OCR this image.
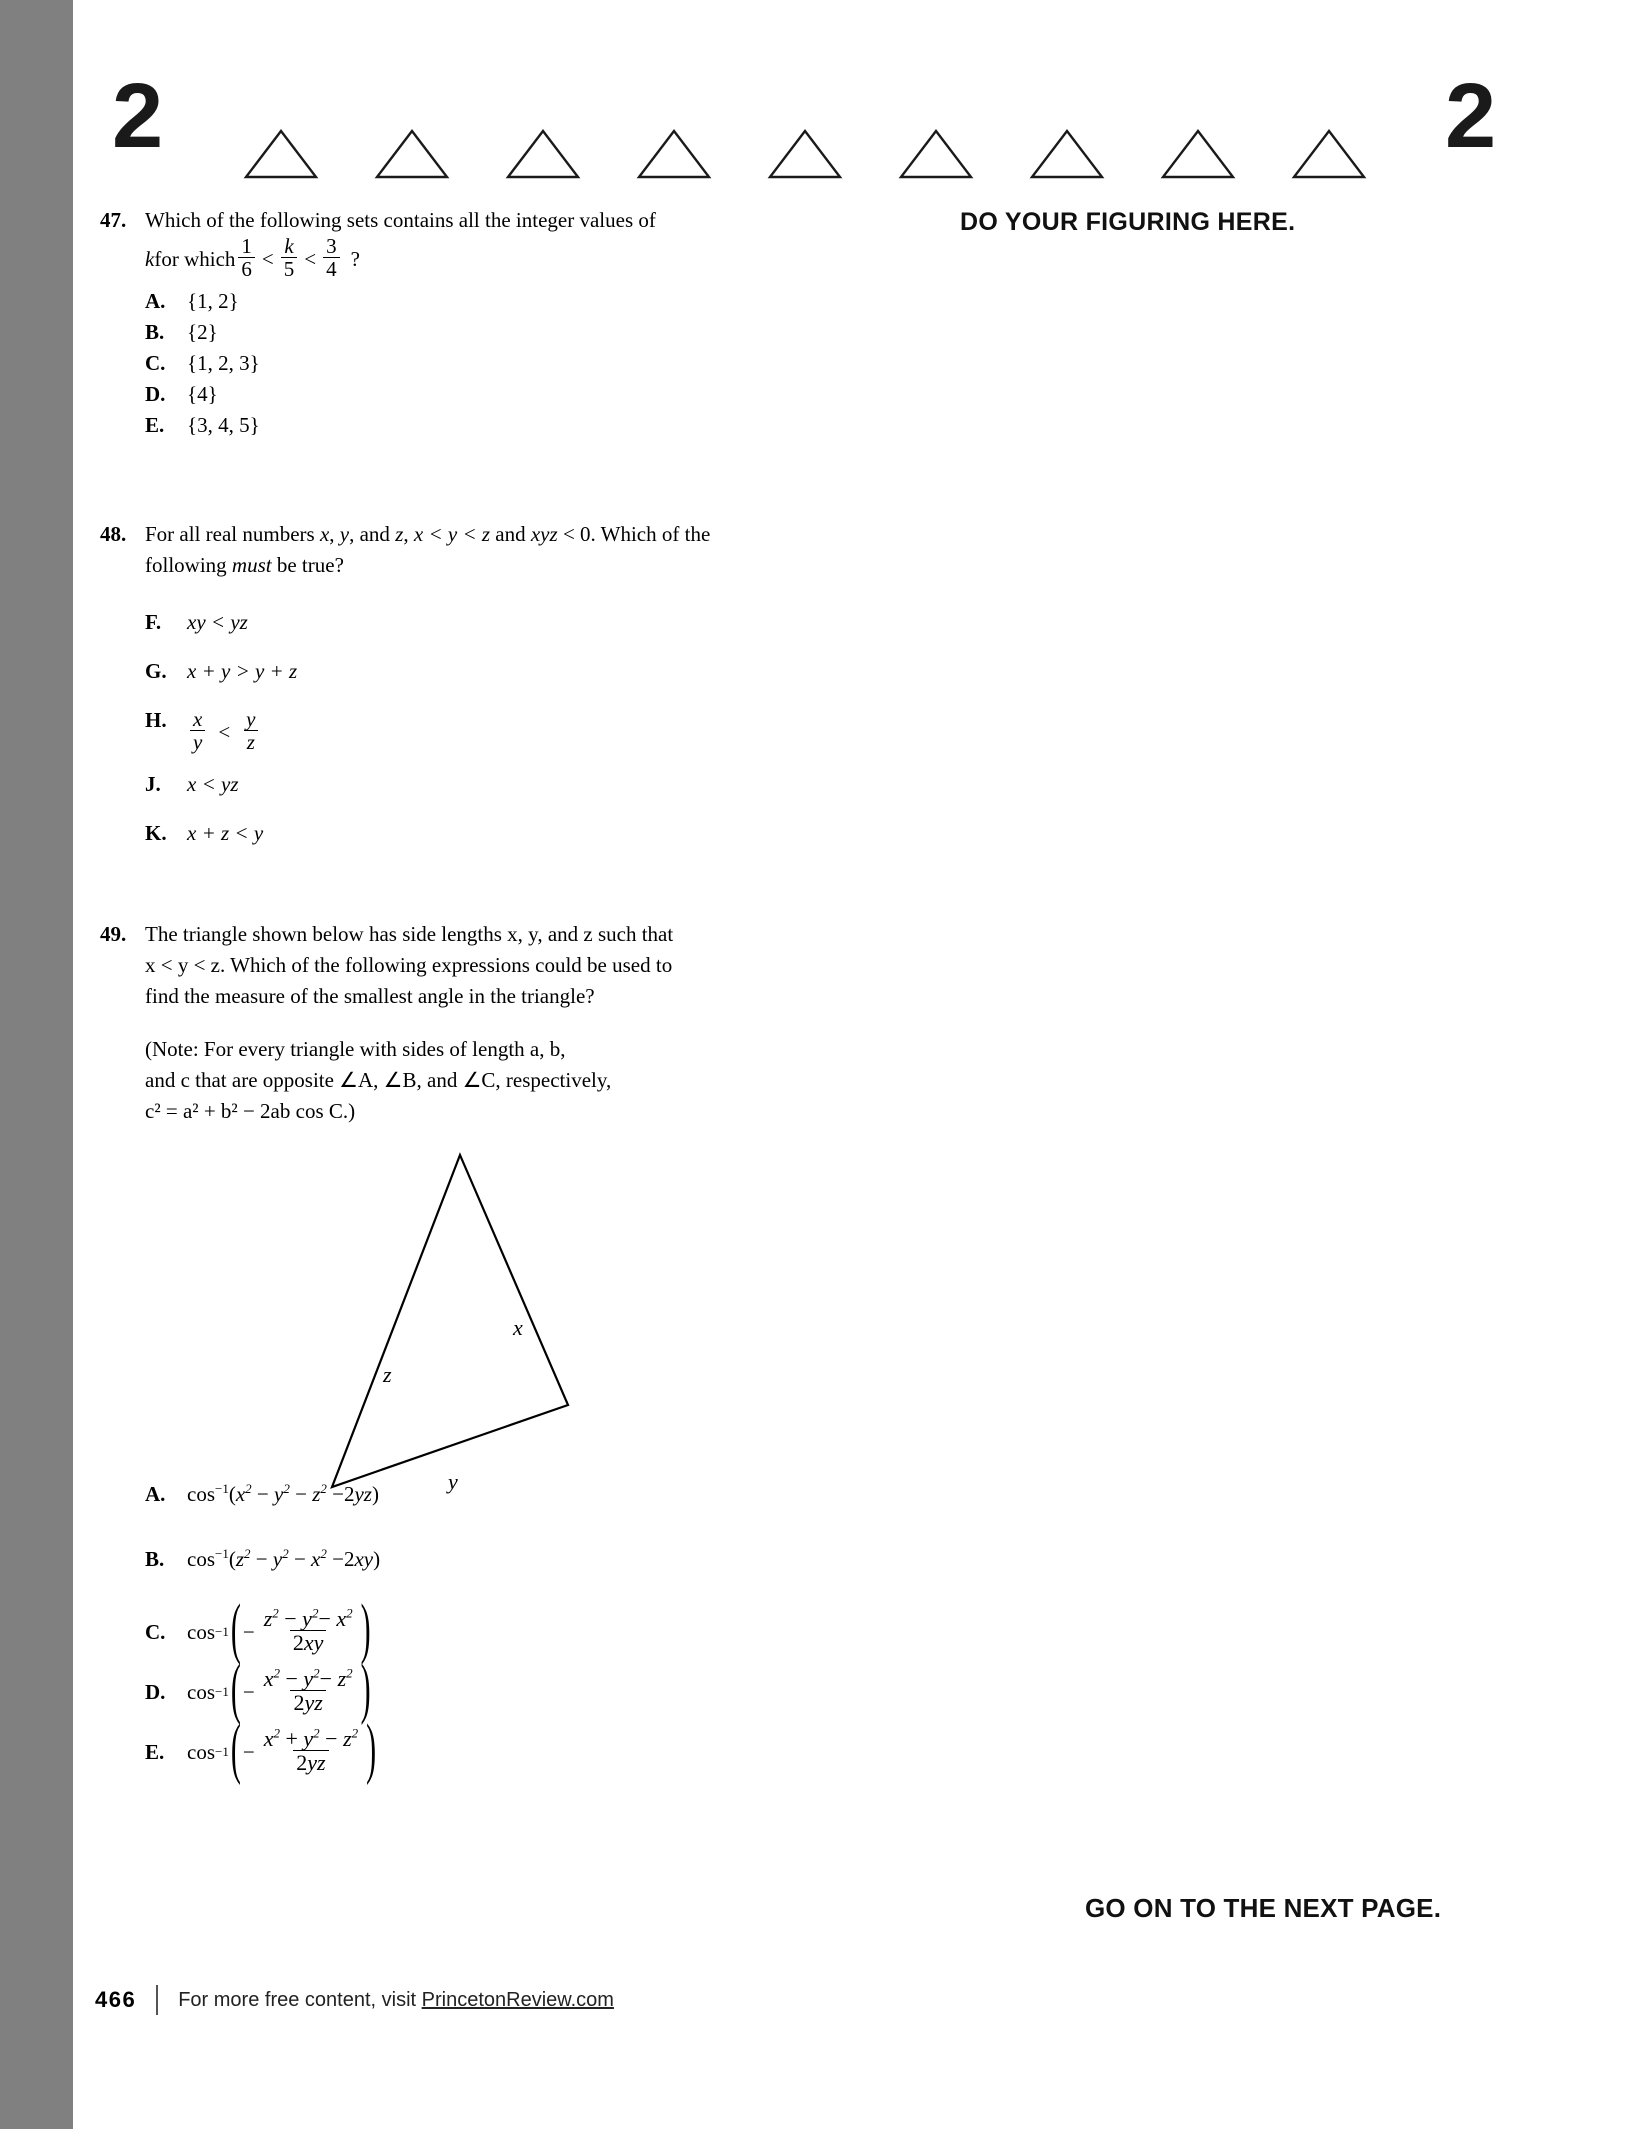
2	2
DO YOUR FIGURING HERE.
47. Which of the following sets contains all the integer values of

k for which $\frac{1}{6} < \frac{k}{5} < \frac{3}{4}$ ?
A.	{1, 2}
B.	{2}
C.	{1, 2, 3}
D.	{4}
E.	{3, 4, 5}
48. For all real numbers x, y, and z, x < y < z and xyz < 0. Which of the following must be true?
F.	xy < yz
G. x + y > y + z
H.	$\frac{x}{y} < \frac{y}{z}$
J.	x < yz
K. x + z < y
49. The triangle shown below has side lengths x, y, and z such that
x < y < z. Which of the following expressions could be used to
find the measure of the smallest angle in the triangle?
(Note: For every triangle with sides of length a, b,
and c that are opposite ∠A, ∠B, and ∠C, respectively,
c² = a² + b² − 2ab cos C.)
x
z
y
A.	$\cos^{-1}(x^2 - y^2 - z^2 -2yz)$
B.	$\cos^{-1}(z^2 - y^2 - x^2 -2xy)$
C.	cos −1 ( − $\frac{z^2 - y^2- x^2}{2xy}$ )
D.	cos −1 ( − $\frac{x^2 - y^2- z^2}{2yz}$ )
E.	cos −1 ( − $\frac{x^2 + y^2 - z^2}{2yz}$ )
GO ON TO THE NEXT PAGE.
466 For more free content, visit PrincetonReview.com
